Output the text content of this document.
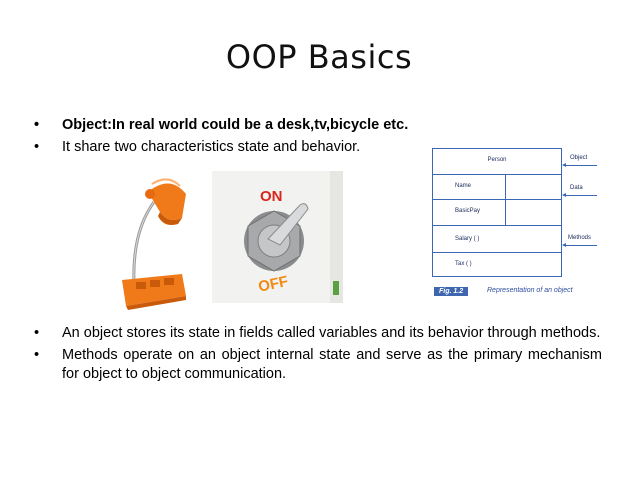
OOP Basics
• Object:In real world could be a desk,tv,bicycle etc.
• It share two characteristics state and behavior.
ON
OFF
Person
Name
BasicPay
Salary ( )
Tax ( )
Object
Data
Methods
Fig. 1.2	Representation of an object
• An object stores its state in fields called variables and its behavior through methods.
• Methods operate on an object internal state and serve as the primary mechanism for object to object communication.
